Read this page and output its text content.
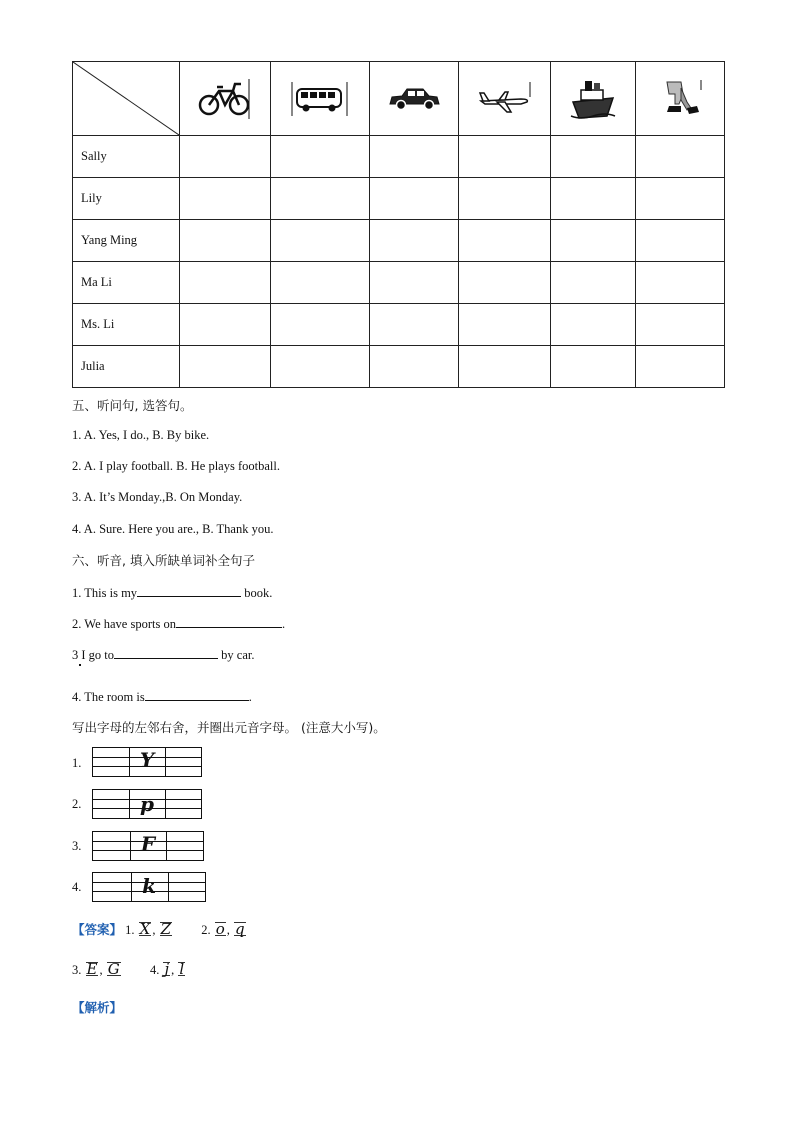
Sally						
Lily						
Yang Ming						
Ma Li						
Ms. Li						
Julia						
五、听问句, 选答句。
1. A. Yes, I do., B. By bike.
2. A. I play football. B. He plays football.
3. A. It’s Monday.,B. On Monday.
4. A. Sure. Here you are., B. Thank you.
六、听音, 填入所缺单词补全句子
1. This is my	book.
2. We have sports on	.
3 I go to	by car.
4. The room is	.
写出字母的左邻右舍，并圈出元音字母。 (注意大小写)。
1.	Y
2.	p
3.	F
4.	k
【答案】 1. X , Z 2. o , q
3. E , G 4. j , l
【解析】
